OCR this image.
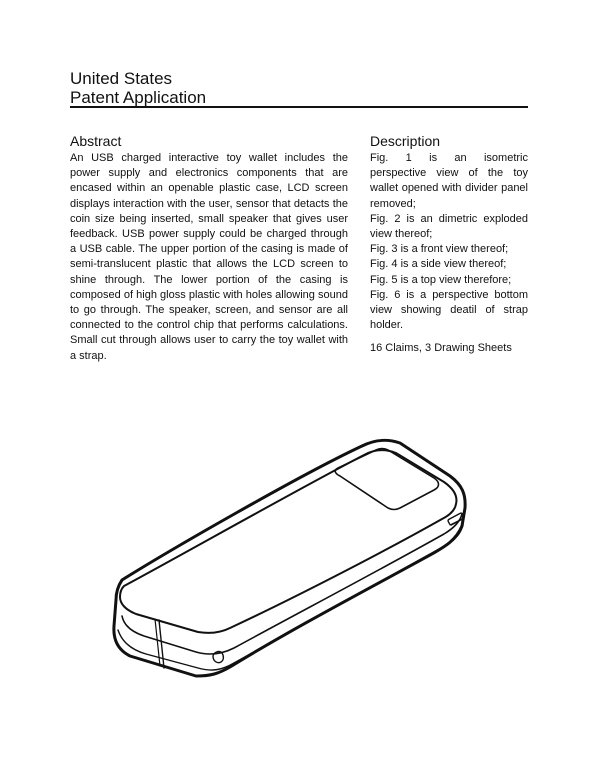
United States
Patent Application
Abstract

An USB charged interactive toy wallet includes the power supply and electronics components that are encased within an openable plastic case, LCD screen displays interaction with the user, sensor that detacts the coin size being inserted, small speaker that gives user feedback. USB power supply could be charged through a USB cable. The upper portion of the casing is made of semi-translucent plastic that allows the LCD screen to shine through. The lower portion of the casing is composed of high gloss plastic with holes allowing sound to go through. The speaker, screen, and sensor are all connected to the control chip that performs calculations. Small cut through allows user to carry the toy wallet with a strap.

Description

Fig. 1 is an isometric perspective view of the toy wallet opened with divider panel removed;

Fig. 2 is an dimetric exploded view thereof;

Fig. 3 is a front view thereof;

Fig. 4 is a side view thereof;

Fig. 5 is a top view therefore;

Fig. 6 is a perspective bottom view showing deatil of strap holder.

16 Claims, 3 Drawing Sheets
